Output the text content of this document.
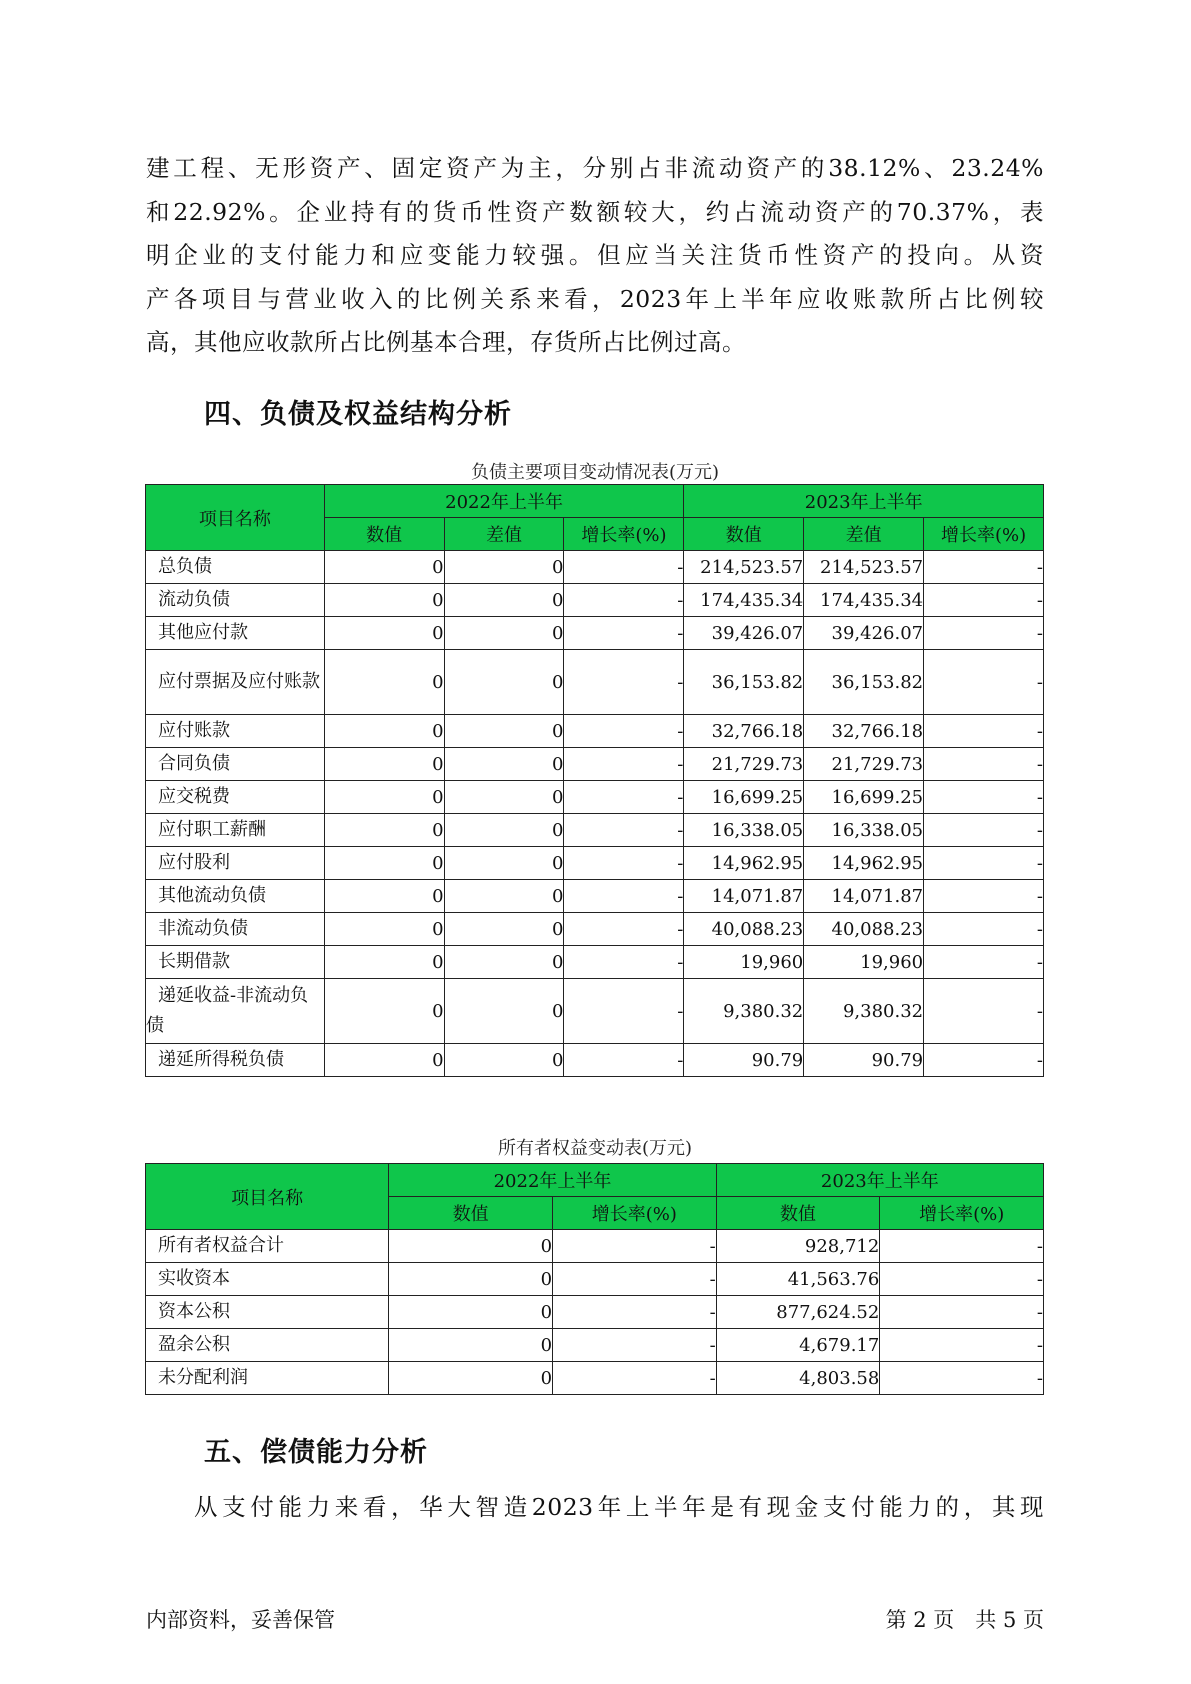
建工程、无形资产、固定资产为主，分别占非流动资产的38.12%、23.24%
和22.92%。企业持有的货币性资产数额较大，约占流动资产的70.37%，表
明企业的支付能力和应变能力较强。但应当关注货币性资产的投向。从资
产各项目与营业收入的比例关系来看，2023年上半年应收账款所占比例较
高，其他应收款所占比例基本合理，存货所占比例过高。
四、负债及权益结构分析
负债主要项目变动情况表(万元)
项目名称	2022年上半年			2023年上半年		
	数值	差值	增长率(%)	数值	差值	增长率(%)
总负债	0	0	-	214,523.57	214,523.57	-
流动负债	0	0	-	174,435.34	174,435.34	-
其他应付款	0	0	-	39,426.07	39,426.07	-
应付票据及应付账款	0	0	-	36,153.82	36,153.82	-
应付账款	0	0	-	32,766.18	32,766.18	-
合同负债	0	0	-	21,729.73	21,729.73	-
应交税费	0	0	-	16,699.25	16,699.25	-
应付职工薪酬	0	0	-	16,338.05	16,338.05	-
应付股利	0	0	-	14,962.95	14,962.95	-
其他流动负债	0	0	-	14,071.87	14,071.87	-
非流动负债	0	0	-	40,088.23	40,088.23	-
长期借款	0	0	-	19,960	19,960	-
递延收益-非流动负债	0	0	-	9,380.32	9,380.32	-
递延所得税负债	0	0	-	90.79	90.79	-
所有者权益变动表(万元)
项目名称	2022年上半年		2023年上半年	
	数值	增长率(%)	数值	增长率(%)
所有者权益合计	0	-	928,712	-
实收资本	0	-	41,563.76	-
资本公积	0	-	877,624.52	-
盈余公积	0	-	4,679.17	-
未分配利润	0	-	4,803.58	-
五、偿债能力分析
从支付能力来看，华大智造2023年上半年是有现金支付能力的，其现
内部资料，妥善保管	第 2 页　共 5 页
